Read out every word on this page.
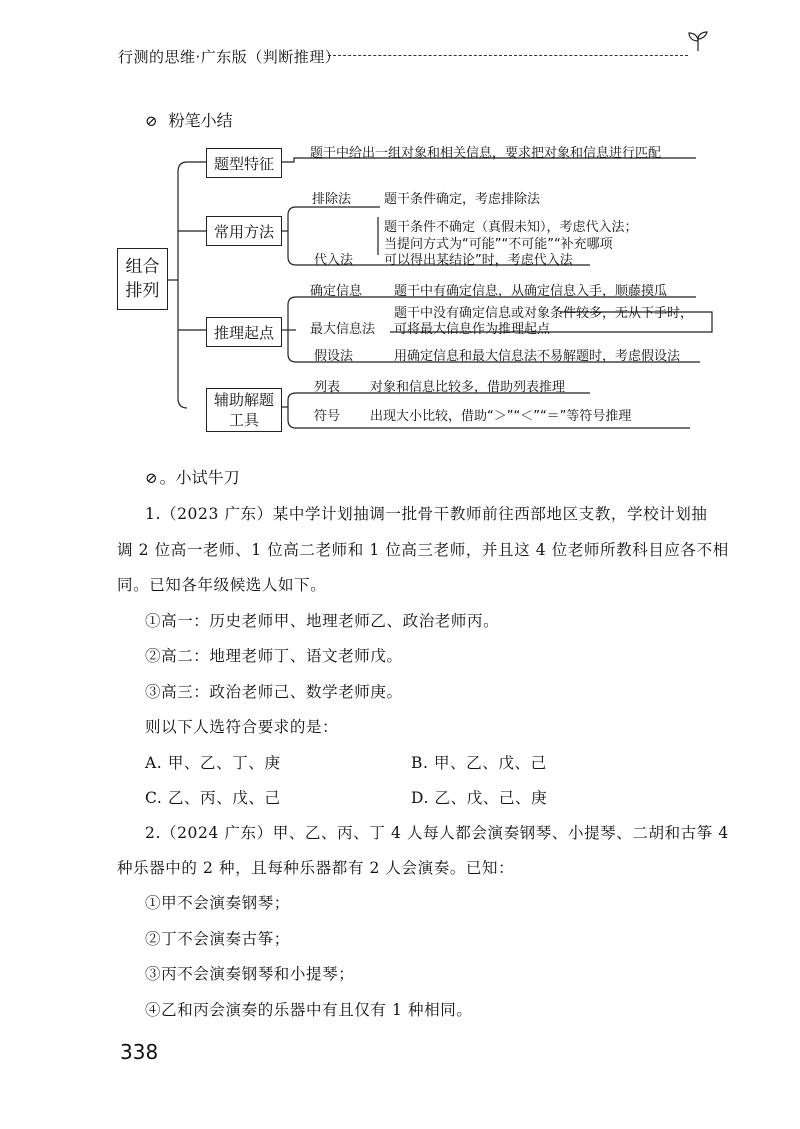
行测的思维·广东版（判断推理）
⊘ 粉笔小结
组合
排列
题型特征
常用方法
推理起点
辅助解题
工具
题干中给出一组对象和相关信息，要求把对象和信息进行匹配
排除法	题干条件确定，考虑排除法
代入法
题干条件不确定（真假未知），考虑代入法；
当提问方式为“可能”“不可能”“补充哪项
可以得出某结论”时，考虑代入法
确定信息 题干中有确定信息，从确定信息入手，顺藤摸瓜
最大信息法
题干中没有确定信息或对象条件较多，无从下手时，
可将最大信息作为推理起点
假设法	用确定信息和最大信息法不易解题时，考虑假设法
列表 对象和信息比较多，借助列表推理
符号 出现大小比较，借助“＞”“＜”“＝”等符号推理
⊘ 。小试牛刀
1.（2023 广东）某中学计划抽调一批骨干教师前往西部地区支教，学校计划抽
调 2 位高一老师、1 位高二老师和 1 位高三老师，并且这 4 位老师所教科目应各不相
同。已知各年级候选人如下。
①高一：历史老师甲、地理老师乙、政治老师丙。
②高二：地理老师丁、语文老师戊。
③高三：政治老师己、数学老师庚。
则以下人选符合要求的是：
A. 甲、乙、丁、庚	B. 甲、乙、戊、己
C. 乙、丙、戊、己	D. 乙、戊、己、庚
2.（2024 广东）甲、乙、丙、丁 4 人每人都会演奏钢琴、小提琴、二胡和古筝 4
种乐器中的 2 种，且每种乐器都有 2 人会演奏。已知：
①甲不会演奏钢琴；
②丁不会演奏古筝；
③丙不会演奏钢琴和小提琴；
④乙和丙会演奏的乐器中有且仅有 1 种相同。
338
